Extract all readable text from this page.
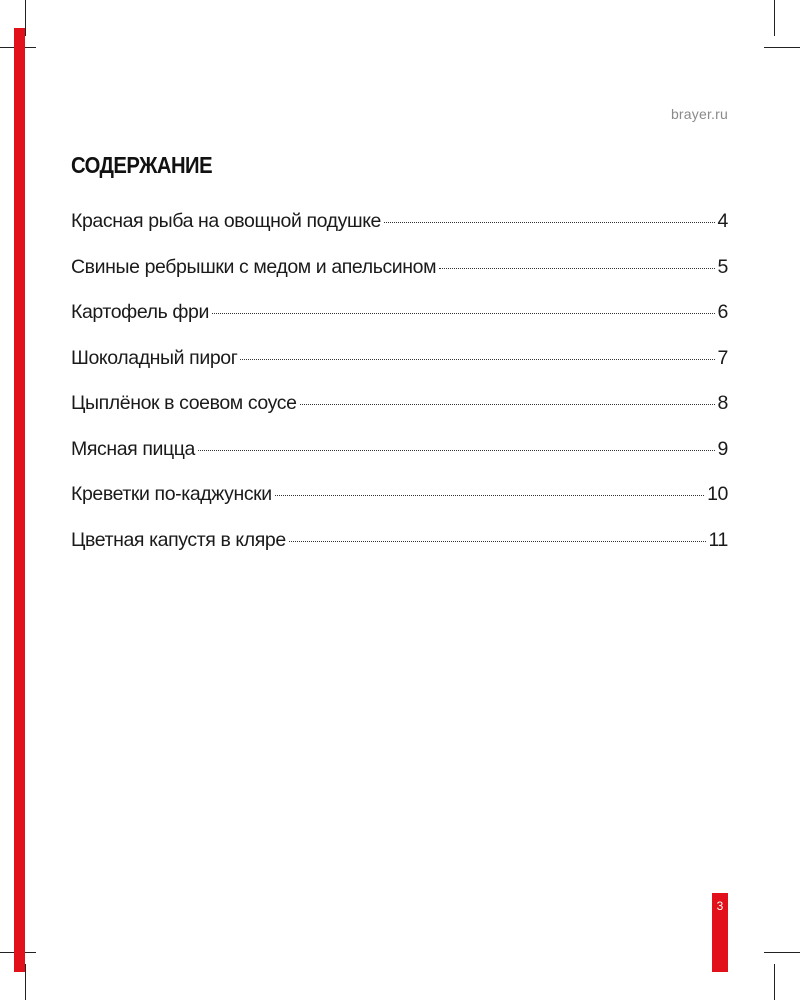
brayer.ru
СОДЕРЖАНИЕ
Красная рыба на овощной подушке	4
Свиные ребрышки с медом и апельсином	5
Картофель фри	6
Шоколадный пирог	7
Цыплёнок в соевом соусе	8
Мясная пицца	9
Креветки по-каджунски	10
Цветная капустя в кляре	11
3
